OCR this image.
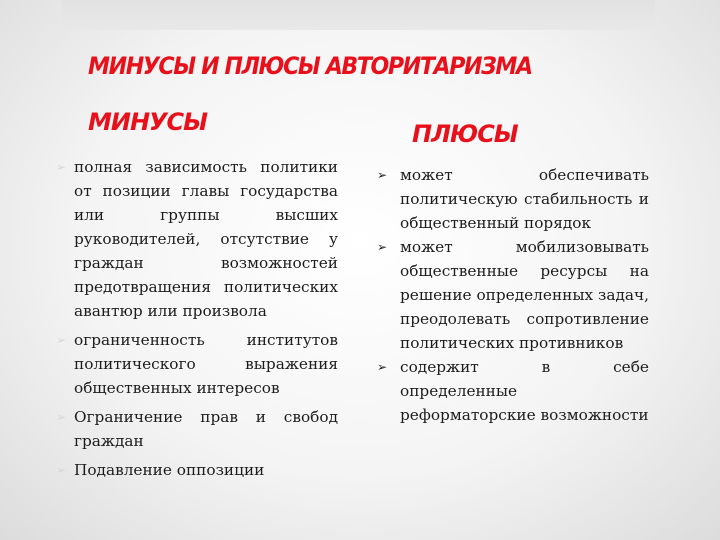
МИНУСЫ И ПЛЮСЫ АВТОРИТАРИЗМА
МИНУСЫ	ПЛЮСЫ
➢ полная зависимость политики от позиции главы государства или группы высших руководителей, отсутствие у граждан возможностей предотвращения политических авантюр или произвола
➢ ограниченность институтов политического выражения общественных интересов
➢ Ограничение прав и свобод граждан
➢ Подавление оппозиции
➢ может обеспечивать политическую стабильность и общественный порядок
➢ может мобилизовывать общественные ресурсы на решение определенных задач, преодолевать сопротивление политических противников
➢ содержит в себе определенные реформаторские возможности
